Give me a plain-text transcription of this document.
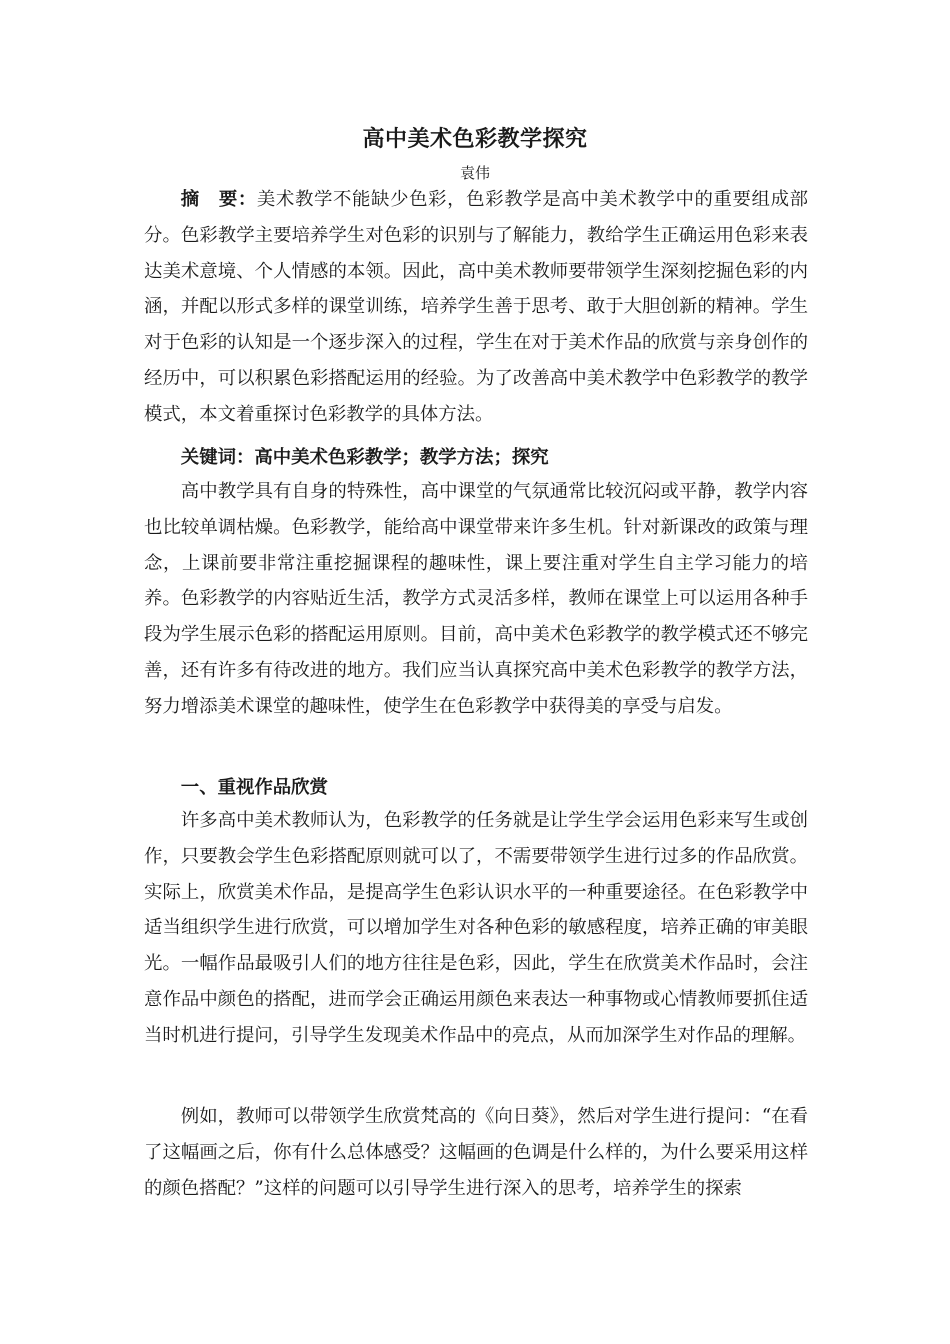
高中美术色彩教学探究
袁伟

摘　要：美术教学不能缺少色彩，色彩教学是高中美术教学中的重要组成部分。色彩教学主要培养学生对色彩的识别与了解能力，教给学生正确运用色彩来表达美术意境、个人情感的本领。因此，高中美术教师要带领学生深刻挖掘色彩的内涵，并配以形式多样的课堂训练，培养学生善于思考、敢于大胆创新的精神。学生对于色彩的认知是一个逐步深入的过程，学生在对于美术作品的欣赏与亲身创作的经历中，可以积累色彩搭配运用的经验。为了改善高中美术教学中色彩教学的教学模式，本文着重探讨色彩教学的具体方法。

关键词：高中美术色彩教学；教学方法；探究

高中教学具有自身的特殊性，高中课堂的气氛通常比较沉闷或平静，教学内容也比较单调枯燥。色彩教学，能给高中课堂带来许多生机。针对新课改的政策与理念，上课前要非常注重挖掘课程的趣味性，课上要注重对学生自主学习能力的培养。色彩教学的内容贴近生活，教学方式灵活多样，教师在课堂上可以运用各种手段为学生展示色彩的搭配运用原则。目前，高中美术色彩教学的教学模式还不够完善，还有许多有待改进的地方。我们应当认真探究高中美术色彩教学的教学方法，努力增添美术课堂的趣味性，使学生在色彩教学中获得美的享受与启发。

一、重视作品欣赏

许多高中美术教师认为，色彩教学的任务就是让学生学会运用色彩来写生或创作，只要教会学生色彩搭配原则就可以了，不需要带领学生进行过多的作品欣赏。实际上，欣赏美术作品，是提高学生色彩认识水平的一种重要途径。在色彩教学中适当组织学生进行欣赏，可以增加学生对各种色彩的敏感程度，培养正确的审美眼光。一幅作品最吸引人们的地方往往是色彩，因此，学生在欣赏美术作品时，会注意作品中颜色的搭配，进而学会正确运用颜色来表达一种事物或心情教师要抓住适当时机进行提问，引导学生发现美术作品中的亮点，从而加深学生对作品的理解。

例如，教师可以带领学生欣赏梵高的《向日葵》，然后对学生进行提问：“在看了这幅画之后，你有什么总体感受？这幅画的色调是什么样的，为什么要采用这样的颜色搭配？”这样的问题可以引导学生进行深入的思考，培养学生的探索
